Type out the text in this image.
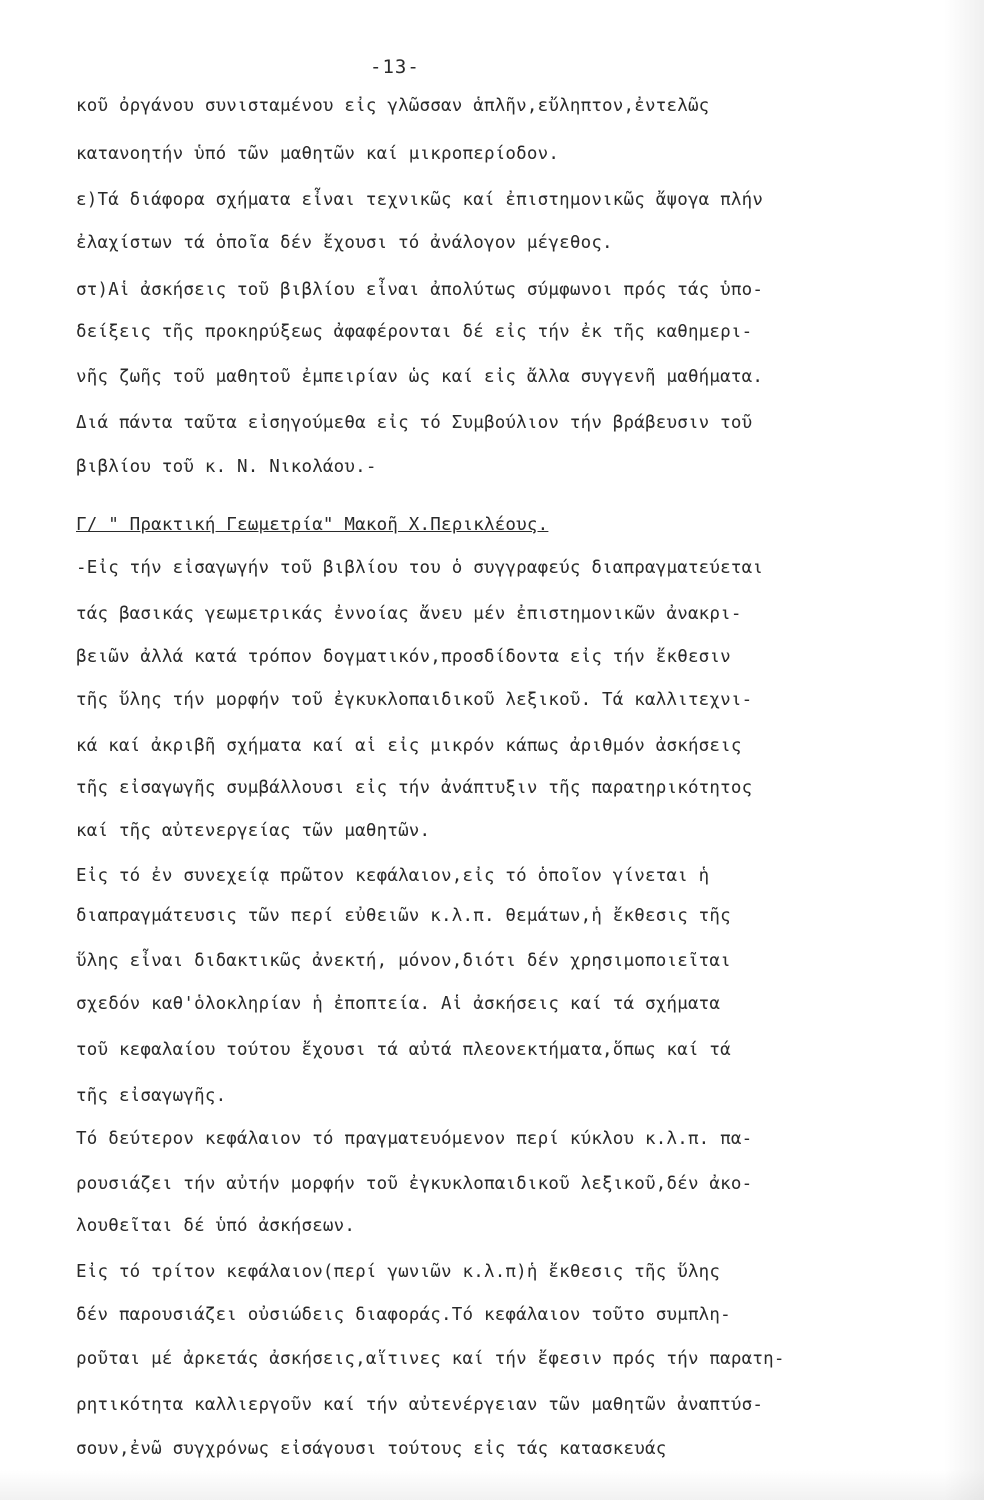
-13-
κοῦ ὀργάνου συνισταμένου εἰς γλῶσσαν ἁπλῆν,εὔληπτον,ἐντελῶς
κατανοητήν ὑπό τῶν μαθητῶν καί μικροπερίοδον.
ε)Τά διάφορα σχήματα εἶναι τεχνικῶς καί ἐπιστημονικῶς ἄψογα πλήν
ἐλαχίστων τά ὁποῖα δέν ἔχουσι τό ἀνάλογον μέγεθος.
στ)Αἱ ἀσκήσεις τοῦ βιβλίου εἶναι ἀπολύτως σύμφωνοι πρός τάς ὑπο-
δείξεις τῆς προκηρύξεως ἀφαφέρονται δέ εἰς τήν ἐκ τῆς καθημερι-
νῆς ζωῆς τοῦ μαθητοῦ ἐμπειρίαν ὡς καί εἰς ἄλλα συγγενῆ μαθήματα.
Διά πάντα ταῦτα εἰσηγούμεθα εἰς τό Συμβούλιον τήν βράβευσιν τοῦ
βιβλίου τοῦ κ. Ν. Νικολάου.-
Γ/ " Πρακτική Γεωμετρία" Μακοῆ Χ.Περικλέους.
-Εἰς τήν εἰσαγωγήν τοῦ βιβλίου του ὁ συγγραφεύς διαπραγματεύεται
τάς βασικάς γεωμετρικάς ἐννοίας ἄνευ μέν ἐπιστημονικῶν ἀνακρι-
βειῶν ἀλλά κατά τρόπον δογματικόν,προσδίδοντα εἰς τήν ἔκθεσιν
τῆς ὕλης τήν μορφήν τοῦ ἐγκυκλοπαιδικοῦ λεξικοῦ. Τά καλλιτεχνι-
κά καί ἀκριβῆ σχήματα καί αἱ εἰς μικρόν κάπως ἀριθμόν ἀσκήσεις
τῆς εἰσαγωγῆς συμβάλλουσι εἰς τήν ἀνάπτυξιν τῆς παρατηρικότητος
καί τῆς αὐτενεργείας τῶν μαθητῶν.
Εἰς τό ἐν συνεχείᾳ πρῶτον κεφάλαιον,εἰς τό ὁποῖον γίνεται ἡ
διαπραγμάτευσις τῶν περί εὐθειῶν κ.λ.π. θεμάτων,ἡ ἔκθεσις τῆς
ὕλης εἶναι διδακτικῶς ἀνεκτή, μόνον,διότι δέν χρησιμοποιεῖται
σχεδόν καθ'ὁλοκληρίαν ἡ ἐποπτεία. Αἱ ἀσκήσεις καί τά σχήματα
τοῦ κεφαλαίου τούτου ἔχουσι τά αὐτά πλεονεκτήματα,ὅπως καί τά
τῆς εἰσαγωγῆς.
Τό δεύτερον κεφάλαιον τό πραγματευόμενον περί κύκλου κ.λ.π. πα-
ρουσιάζει τήν αὐτήν μορφήν τοῦ ἐγκυκλοπαιδικοῦ λεξικοῦ,δέν ἀκο-
λουθεῖται δέ ὑπό ἀσκήσεων.
Εἰς τό τρίτον κεφάλαιον(περί γωνιῶν κ.λ.π)ἡ ἔκθεσις τῆς ὕλης
δέν παρουσιάζει οὐσιώδεις διαφοράς.Τό κεφάλαιον τοῦτο συμπλη-
ροῦται μέ ἀρκετάς ἀσκήσεις,αἵτινες καί τήν ἔφεσιν πρός τήν παρατη-
ρητικότητα καλλιεργοῦν καί τήν αὐτενέργειαν τῶν μαθητῶν ἀναπτύσ-
σουν,ἐνῶ συγχρόνως εἰσάγουσι τούτους εἰς τάς κατασκευάς
